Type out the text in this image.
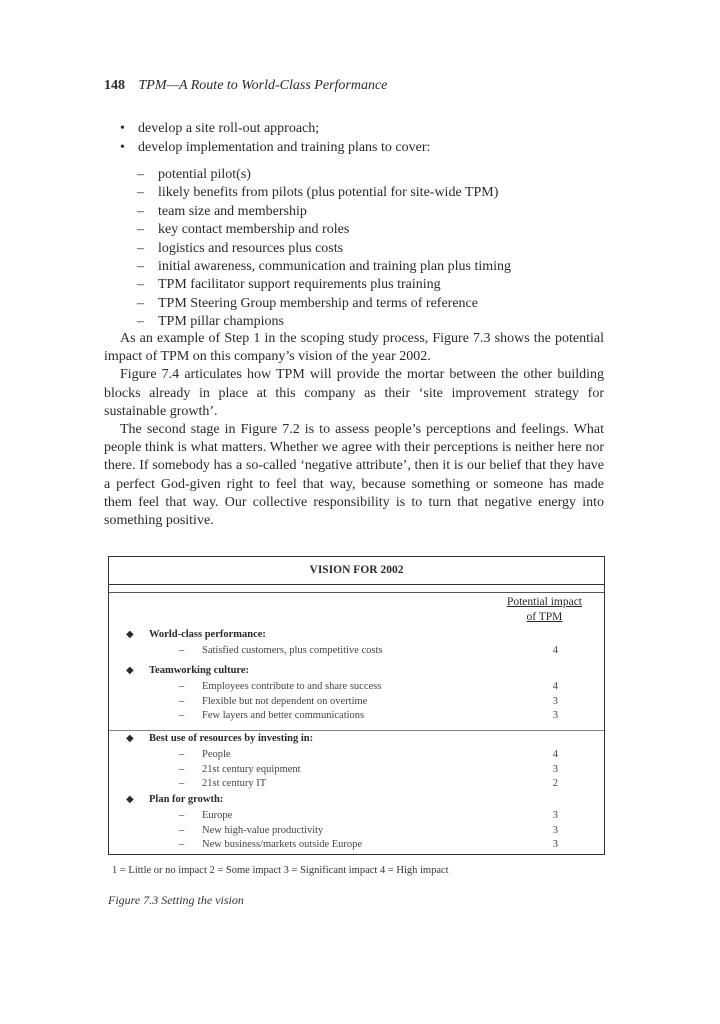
148 TPM—A Route to World-Class Performance
• develop a site roll-out approach;
• develop implementation and training plans to cover:
– potential pilot(s)
– likely benefits from pilots (plus potential for site-wide TPM)
– team size and membership
– key contact membership and roles
– logistics and resources plus costs
– initial awareness, communication and training plan plus timing
– TPM facilitator support requirements plus training
– TPM Steering Group membership and terms of reference
– TPM pillar champions

As an example of Step 1 in the scoping study process, Figure 7.3 shows the potential impact of TPM on this company’s vision of the year 2002.

Figure 7.4 articulates how TPM will provide the mortar between the other building blocks already in place at this company as their ‘site improvement strategy for sustainable growth’.

The second stage in Figure 7.2 is to assess people’s perceptions and feelings. What people think is what matters. Whether we agree with their perceptions is neither here nor there. If somebody has a so-called ‘negative attribute’, then it is our belief that they have a perfect God-given right to feel that way, because something or someone has made them feel that way. Our collective responsibility is to turn that negative energy into something positive.

VISION FOR 2002
Potential impact
of TPM
◆ World-class performance:
– Satisfied customers, plus competitive costs	4
◆ Teamworking culture:
– Employees contribute to and share success	4
– Flexible but not dependent on overtime	3
– Few layers and better communications	3
◆ Best use of resources by investing in:
– People	4
– 21st century equipment	3
– 21st century IT	2
◆ Plan for growth:
– Europe	3
– New high-value productivity	3
– New business/markets outside Europe	3
1 = Little or no impact 2 = Some impact 3 = Significant impact 4 = High impact
Figure 7.3 Setting the vision
